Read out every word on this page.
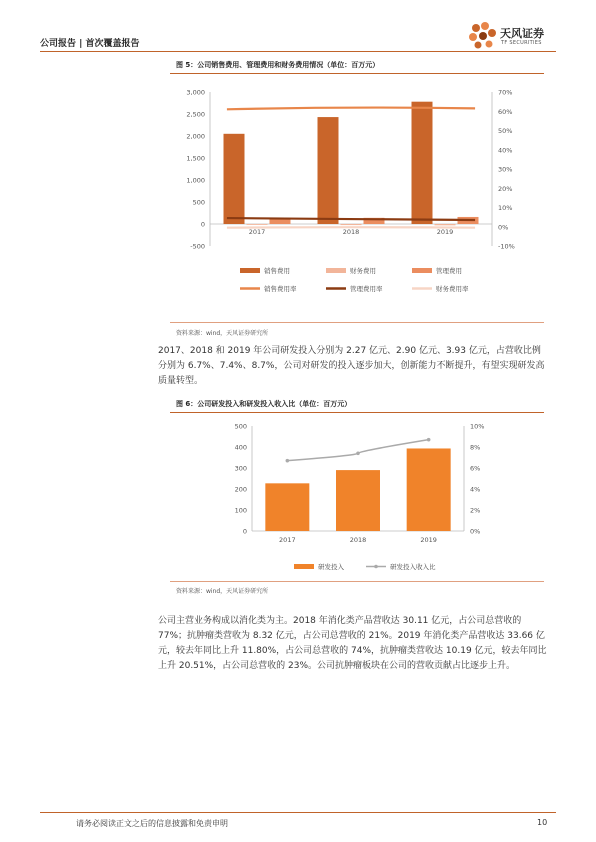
公司报告 | 首次覆盖报告
天风证券
TF SECURITIES
图 5：公司销售费用、管理费用和财务费用情况（单位：百万元）
3,000
2,500
2,000
1,500
1,000
500
0
-500
70%
60%
50%
40%
30%
20%
10%
0%
-10%
2017	2018	2019
销售费用	财务费用	管理费用
销售费用率	管理费用率	财务费用率
资料来源：wind，天风证券研究所
2017、2018 和 2019 年公司研发投入分别为 2.27 亿元、2.90 亿元、3.93 亿元，占营收比例分别为 6.7%、7.4%、8.7%，公司对研发的投入逐步加大，创新能力不断提升，有望实现研发高质量转型。
图 6：公司研发投入和研发投入收入比（单位：百万元）
500
400
300
200
100
0
10%
8%
6%
4%
2%
0%
2017	2018	2019
研发投入	研发投入收入比
资料来源：wind，天风证券研究所
公司主营业务构成以消化类为主。2018 年消化类产品营收达 30.11 亿元，占公司总营收的 77%；抗肿瘤类营收为 8.32 亿元，占公司总营收的 21%。2019 年消化类产品营收达 33.66 亿元，较去年同比上升 11.80%，占公司总营收的 74%，抗肿瘤类营收达 10.19 亿元，较去年同比上升 20.51%，占公司总营收的 23%。公司抗肿瘤板块在公司的营收贡献占比逐步上升。
请务必阅读正文之后的信息披露和免责申明	10
